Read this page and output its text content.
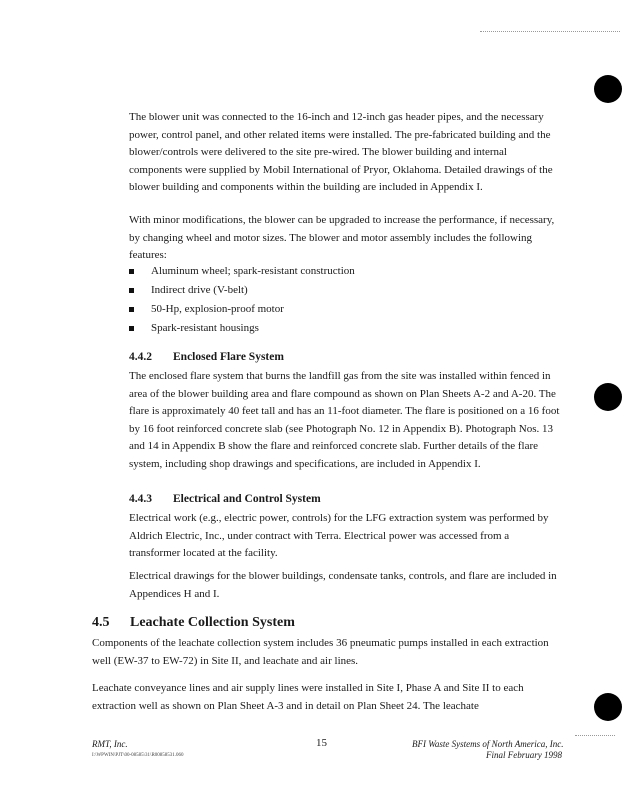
The blower unit was connected to the 16-inch and 12-inch gas header pipes, and the necessary power, control panel, and other related items were installed. The pre-fabricated building and the blower/controls were delivered to the site pre-wired. The blower building and internal components were supplied by Mobil International of Pryor, Oklahoma. Detailed drawings of the blower building and components within the building are included in Appendix I.

With minor modifications, the blower can be upgraded to increase the performance, if necessary, by changing wheel and motor sizes. The blower and motor assembly includes the following features:

Aluminum wheel; spark-resistant construction
Indirect drive (V-belt)
50-Hp, explosion-proof motor
Spark-resistant housings
4.4.2 Enclosed Flare System

The enclosed flare system that burns the landfill gas from the site was installed within fenced in area of the blower building area and flare compound as shown on Plan Sheets A-2 and A-20. The flare is approximately 40 feet tall and has an 11-foot diameter. The flare is positioned on a 16 foot by 16 foot reinforced concrete slab (see Photograph No. 12 in Appendix B). Photograph Nos. 13 and 14 in Appendix B show the flare and reinforced concrete slab. Further details of the flare system, including shop drawings and specifications, are included in Appendix I.

4.4.3 Electrical and Control System

Electrical work (e.g., electric power, controls) for the LFG extraction system was performed by Aldrich Electric, Inc., under contract with Terra. Electrical power was accessed from a transformer located at the facility.

Electrical drawings for the blower buildings, condensate tanks, controls, and flare are included in Appendices H and I.

4.5 Leachate Collection System

Components of the leachate collection system includes 36 pneumatic pumps installed in each extraction well (EW-37 to EW-72) in Site II, and leachate and air lines.

Leachate conveyance lines and air supply lines were installed in Site I, Phase A and Site II to each extraction well as shown on Plan Sheet A-3 and in detail on Plan Sheet 24. The leachate

RMT, Inc.
I:\WPWIN\PJT\00-08585\31\R00858531.060
15	BFI Waste Systems of North America, Inc.
Final February 1998
